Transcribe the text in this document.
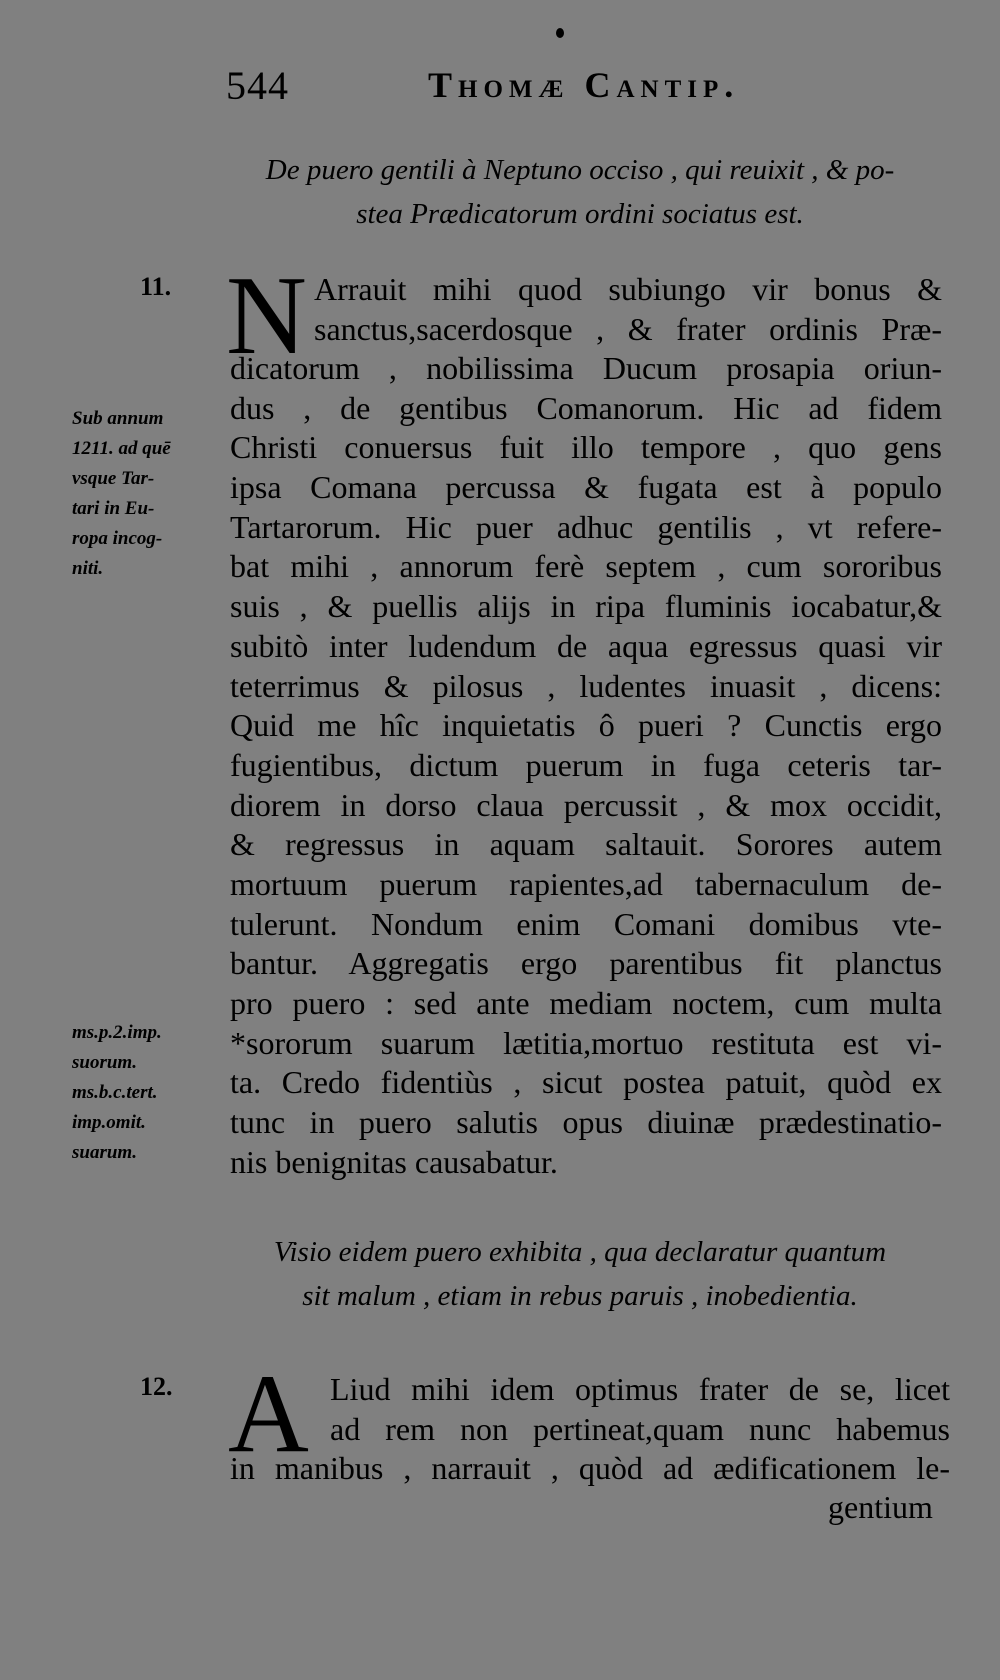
544	Thomæ Cantip.
De puero gentili à Neptuno occiso , qui reuixit , & po-
stea Prædicatorum ordini sociatus est.
11.
Sub annum
1211. ad quē
vsque Tar-
tari in Eu-
ropa incog-
niti.
ms.p.2.imp.
suorum.
ms.b.c.tert.
imp.omit.
suarum.
N Arrauit mihi quod subiungo vir bonus &
sanctus,sacerdosque , & frater ordinis Præ-
dicatorum , nobilissima Ducum prosapia oriun-
dus , de gentibus Comanorum. Hic ad fidem
Christi conuersus fuit illo tempore , quo gens
ipsa Comana percussa & fugata est à populo
Tartarorum. Hic puer adhuc gentilis , vt refere-
bat mihi , annorum ferè septem , cum sororibus
suis , & puellis alijs in ripa fluminis iocabatur,&
subitò inter ludendum de aqua egressus quasi vir
teterrimus & pilosus , ludentes inuasit , dicens:
Quid me hîc inquietatis ô pueri ? Cunctis ergo
fugientibus, dictum puerum in fuga ceteris tar-
diorem in dorso claua percussit , & mox occidit,
& regressus in aquam saltauit. Sorores autem
mortuum puerum rapientes,ad tabernaculum de-
tulerunt. Nondum enim Comani domibus vte-
bantur. Aggregatis ergo parentibus fit planctus
pro puero : sed ante mediam noctem, cum multa
*sororum suarum lætitia,mortuo restituta est vi-
ta. Credo fidentiùs , sicut postea patuit, quòd ex
tunc in puero salutis opus diuinæ prædestinatio-
nis benignitas causabatur.
Visio eidem puero exhibita , qua declaratur quantum
sit malum , etiam in rebus paruis , inobedientia.
12. A Liud mihi idem optimus frater de se, licet
ad rem non pertineat,quam nunc habemus
in manibus , narrauit , quòd ad ædificationem le-
gentium
